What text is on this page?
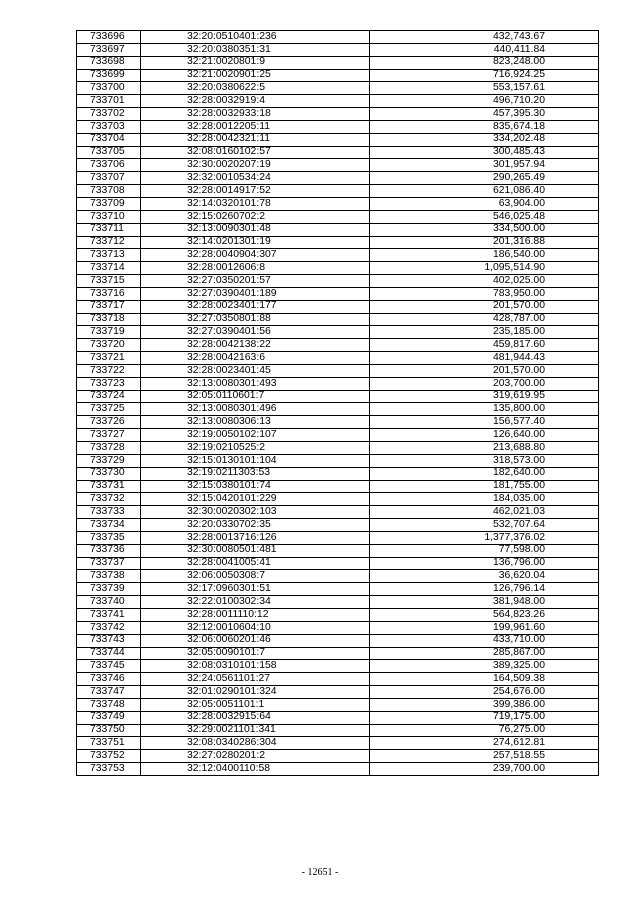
733696	32:20:0510401:236	432,743.67
733697	32:20:0380351:31	440,411.84
733698	32:21:0020801:9	823,248.00
733699	32:21:0020901:25	716,924.25
733700	32:20:0380622:5	553,157.61
733701	32:28:0032919:4	496,710.20
733702	32:28:0032933:18	457,395.30
733703	32:28:0012205:11	835,674.18
733704	32:28:0042321:11	334,202.48
733705	32:08:0160102:57	300,485.43
733706	32:30:0020207:19	301,957.94
733707	32:32:0010534:24	290,265.49
733708	32:28:0014917:52	621,086.40
733709	32:14:0320101:78	63,904.00
733710	32:15:0260702:2	546,025.48
733711	32:13:0090301:48	334,500.00
733712	32:14:0201301:19	201,316.88
733713	32:28:0040904:307	186,540.00
733714	32:28:0012606:8	1,095,514.90
733715	32:27:0350201:57	402,025.00
733716	32:27:0390401:189	783,950.00
733717	32:28:0023401:177	201,570.00
733718	32:27:0350801:88	428,787.00
733719	32:27:0390401:56	235,185.00
733720	32:28:0042138:22	459,817.60
733721	32:28:0042163:6	481,944.43
733722	32:28:0023401:45	201,570.00
733723	32:13:0080301:493	203,700.00
733724	32:05:0110601:7	319,619.95
733725	32:13:0080301:496	135,800.00
733726	32:13:0080306:13	156,577.40
733727	32:19:0050102:107	126,640.00
733728	32:19:0210525:2	213,688.80
733729	32:15:0130101:104	318,573.00
733730	32:19:0211303:53	182,640.00
733731	32:15:0380101:74	181,755.00
733732	32:15:0420101:229	184,035.00
733733	32:30:0020302:103	462,021.03
733734	32:20:0330702:35	532,707.64
733735	32:28:0013716:126	1,377,376.02
733736	32:30:0080501:481	77,598.00
733737	32:28:0041005:41	136,796.00
733738	32:06:0050308:7	36,620.04
733739	32:17:0960301:51	126,796.14
733740	32:22:0100302:34	381,948.00
733741	32:28:0011110:12	564,823.26
733742	32:12:0010604:10	199,961.60
733743	32:06:0060201:46	433,710.00
733744	32:05:0090101:7	285,867.00
733745	32:08:0310101:158	389,325.00
733746	32:24:0561101:27	164,509.38
733747	32:01:0290101:324	254,676.00
733748	32:05:0051101:1	399,386.00
733749	32:28:0032915:64	719,175.00
733750	32:29:0021101:341	76,275.00
733751	32:08:0340286:304	274,612.81
733752	32:27:0280201:2	257,518.55
733753	32:12:0400110:58	239,700.00
- 12651 -
